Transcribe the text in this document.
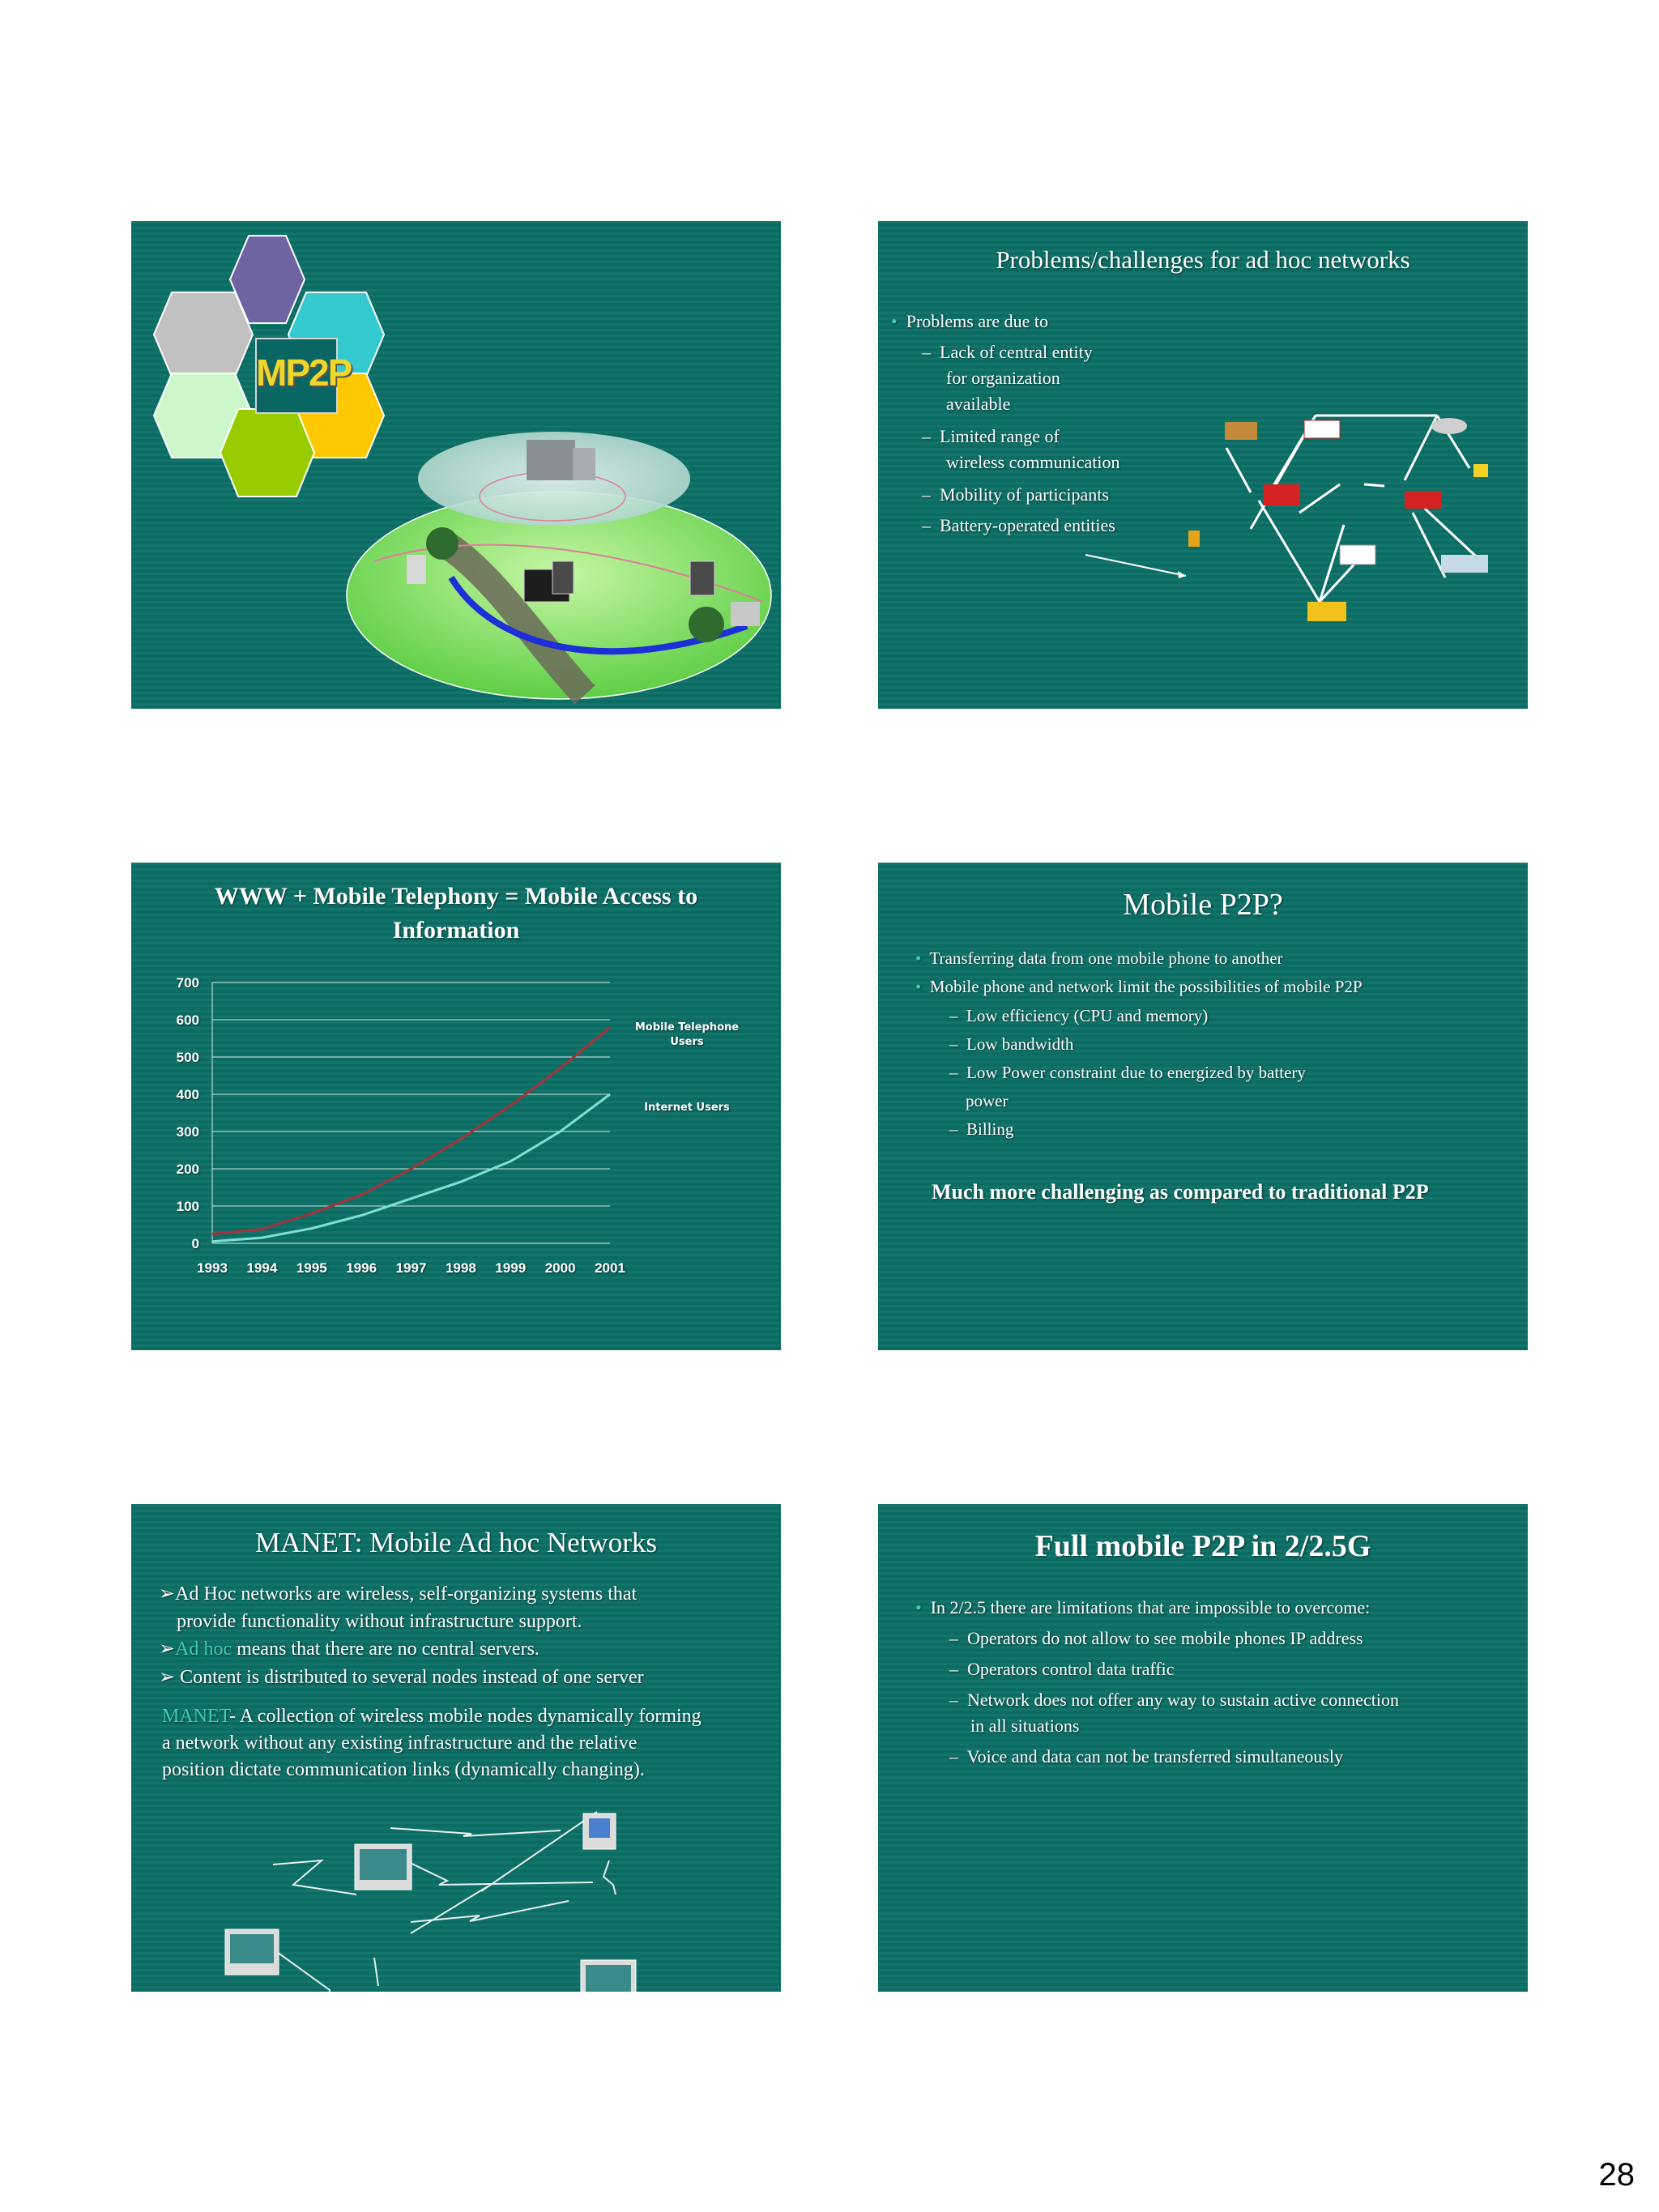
MP2P
Problems/challenges for ad hoc networks
• Problems are due to
–  Lack of central entity
for organization
available
–  Limited range of
wireless communication
–  Mobility of participants
–  Battery-operated entities
WWW + Mobile Telephony = Mobile Access to
Information
0
100
200
300
400
500
600
700
1993 1994 1995 1996 1997 1998 1999 2000 2001
Mobile Telephone
Users
Internet Users
Mobile P2P?
• Transferring data from one mobile phone to another
• Mobile phone and network limit the possibilities of mobile P2P
–  Low efficiency (CPU and memory)
–  Low bandwidth
–  Low Power constraint due to energized by battery
power
–  Billing
Much more challenging as compared to traditional P2P
MANET: Mobile Ad hoc Networks
➢Ad Hoc networks are wireless, self-organizing systems that
provide functionality without infrastructure support.
➢Ad hoc means that there are no central servers.
➢ Content is distributed to several nodes instead of one server
MANET- A collection of wireless mobile nodes dynamically forming
a network without any existing infrastructure and the relative
position dictate communication links (dynamically changing).
Full mobile P2P in 2/2.5G
• In 2/2.5 there are limitations that are impossible to overcome:
–  Operators do not allow to see mobile phones IP address
–  Operators control data traffic
–  Network does not offer any way to sustain active connection
in all situations
–  Voice and data can not be transferred simultaneously
28
